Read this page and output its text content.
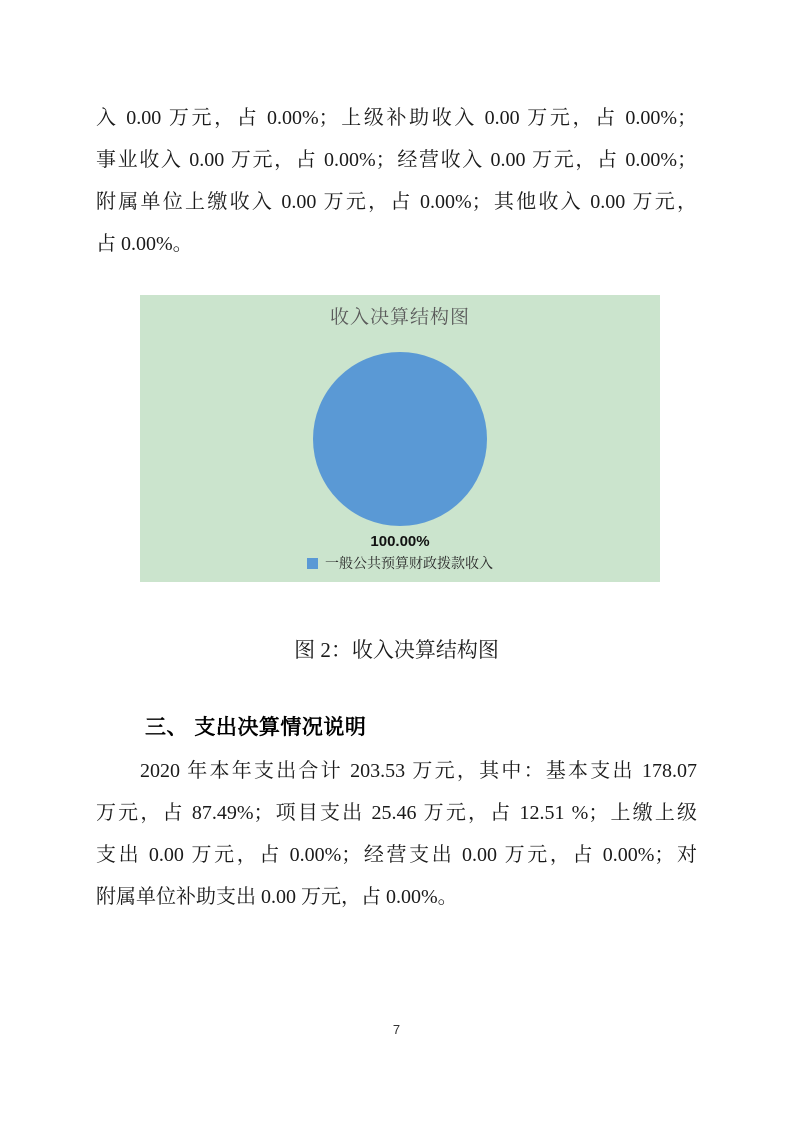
入 0.00 万元，占 0.00%；上级补助收入 0.00 万元，占 0.00%；
事业收入 0.00 万元，占 0.00%；经营收入 0.00 万元，占 0.00%；
附属单位上缴收入 0.00 万元，占 0.00%；其他收入 0.00 万元，
占 0.00%。
收入决算结构图
100.00%
一般公共预算财政拨款收入
图 2：收入决算结构图
三、 支出决算情况说明
2020 年本年支出合计 203.53 万元，其中：基本支出 178.07
万元，占 87.49%；项目支出 25.46 万元，占 12.51 %；上缴上级
支出 0.00 万元，占 0.00%；经营支出 0.00 万元，占 0.00%；对
附属单位补助支出 0.00 万元，占 0.00%。
7
